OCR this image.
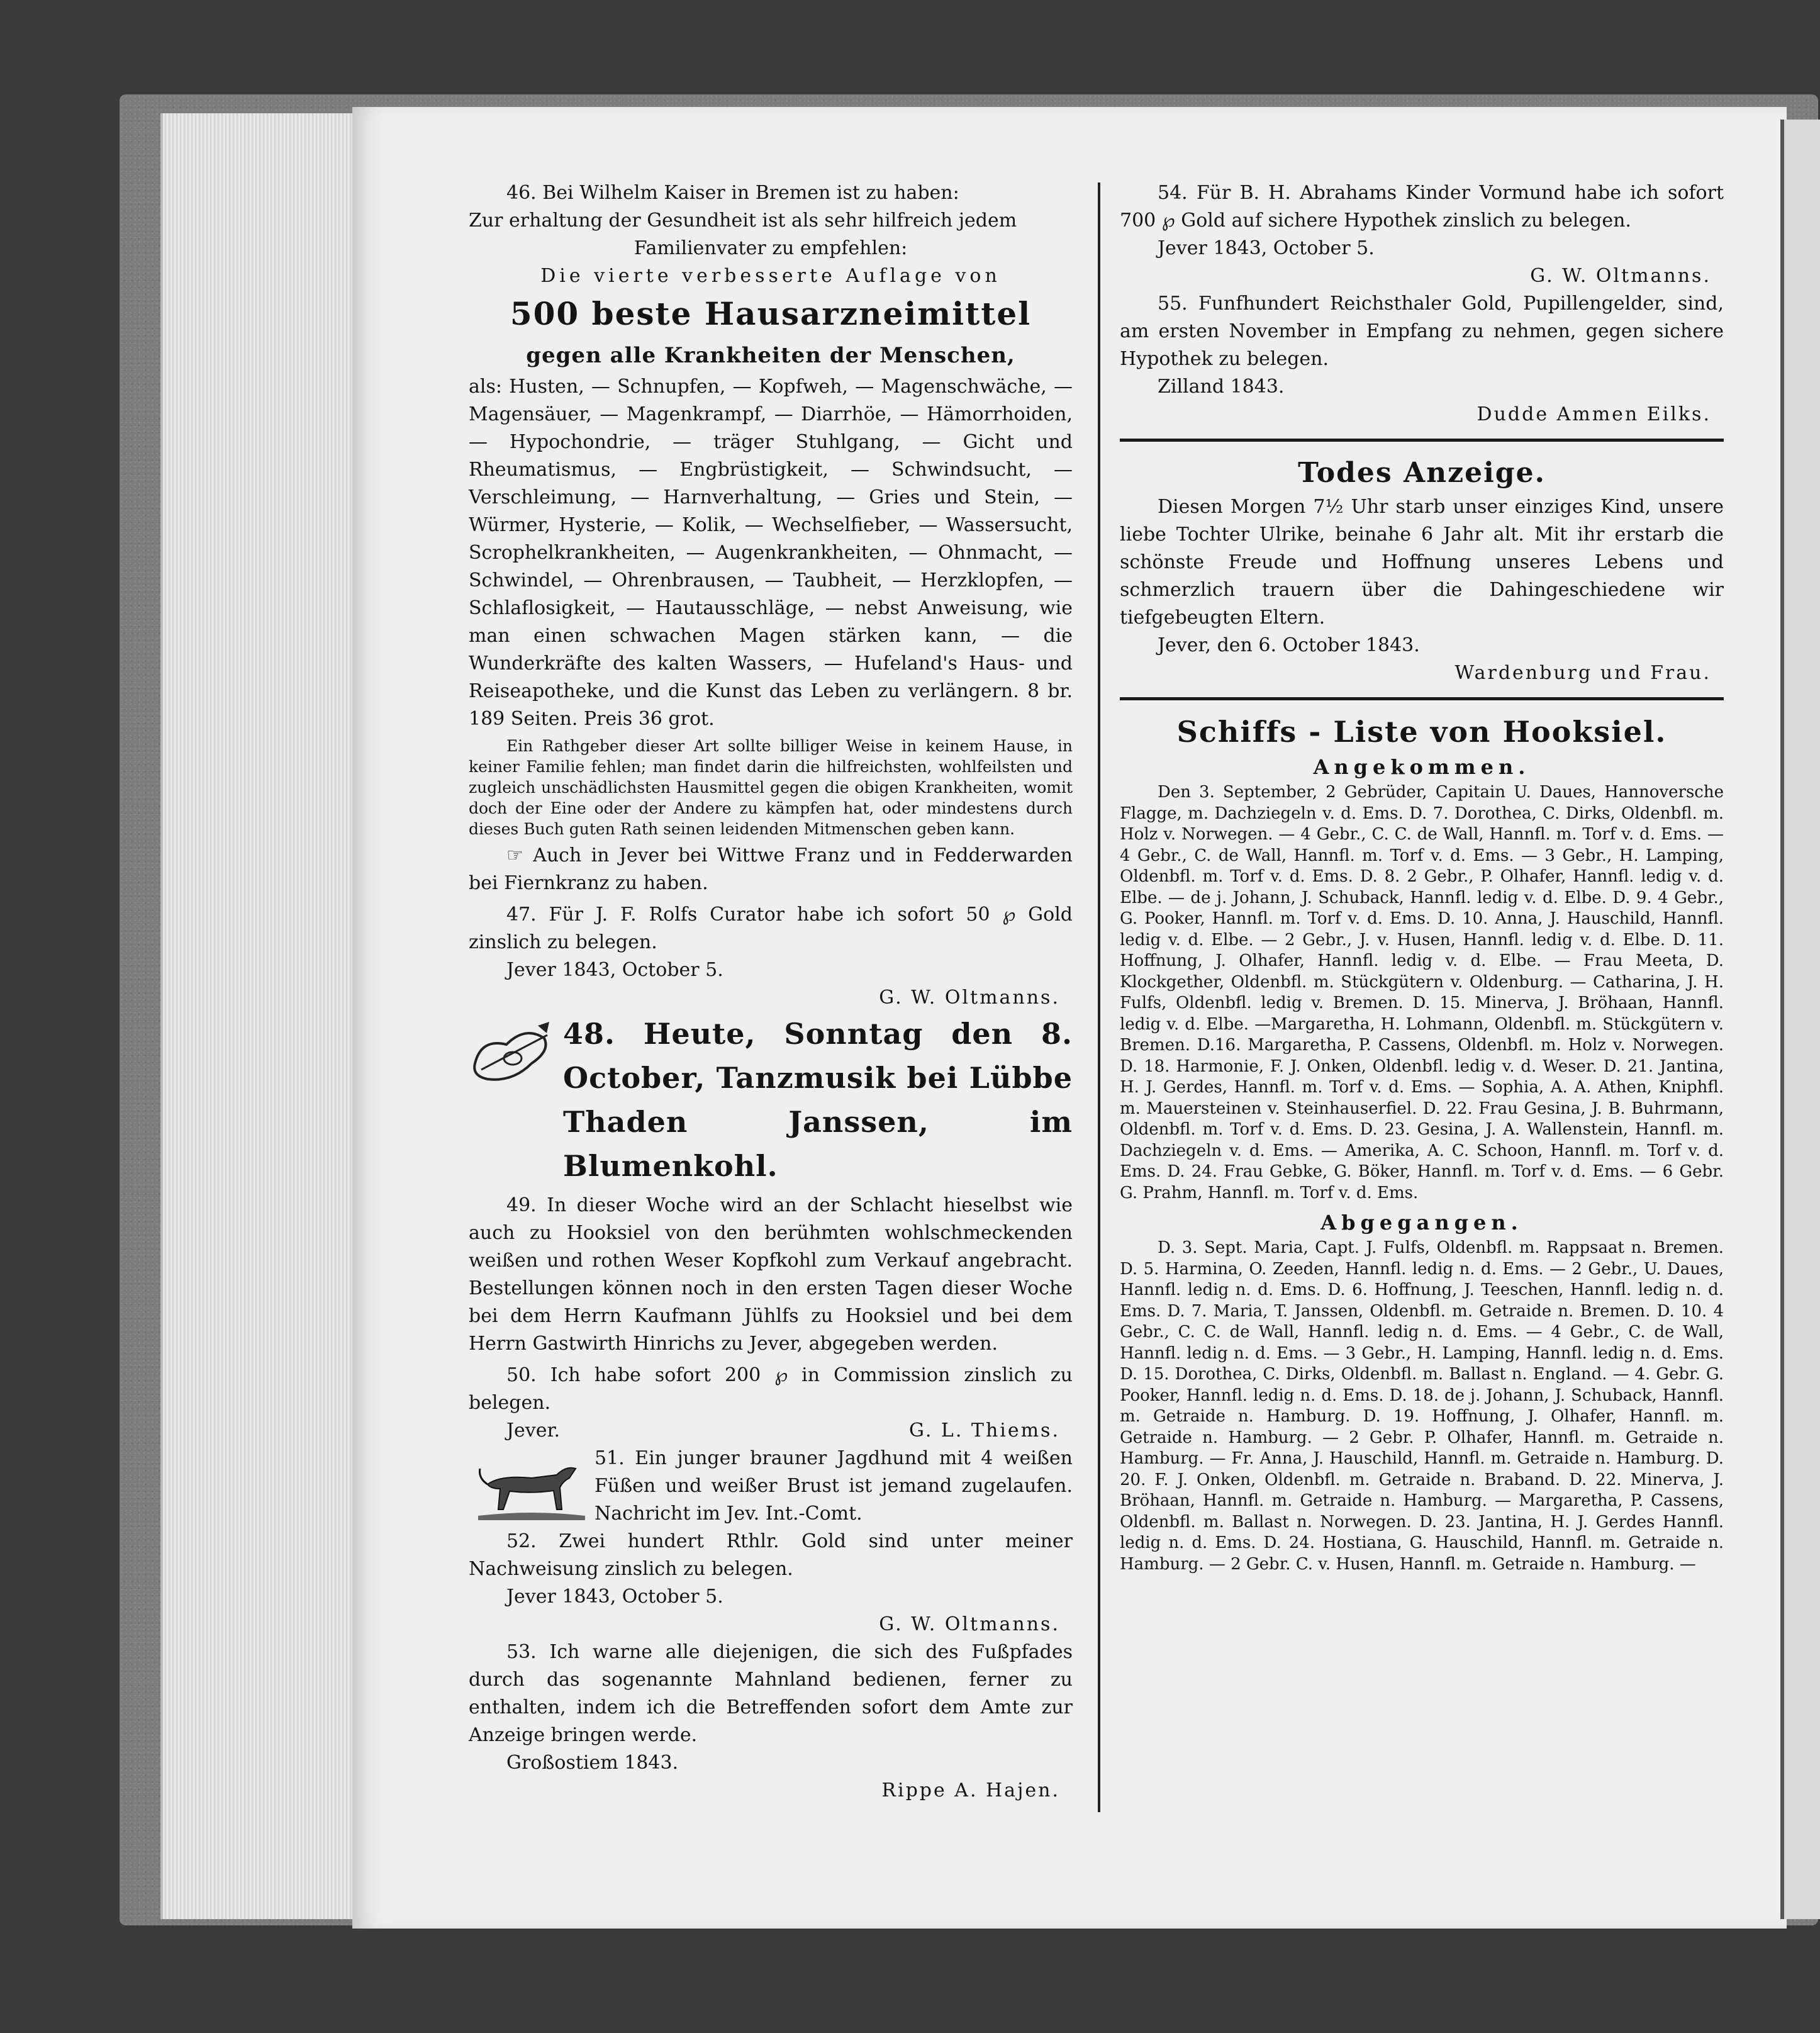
46. Bei Wilhelm Kaiser in Bremen ist zu haben:

Zur erhaltung der Gesundheit ist als sehr hilfreich jedem

Familienvater zu empfehlen:

Die vierte verbesserte Auflage von

500 beste Hausarzneimittel

gegen alle Krankheiten der Menschen,

als: Husten, — Schnupfen, — Kopfweh, — Magenschwäche, — Magensäuer, — Magenkrampf, — Diarrhöe, — Hämorrhoiden, — Hypochondrie, — träger Stuhlgang, — Gicht und Rheumatismus, — Engbrüstigkeit, — Schwindsucht, — Verschleimung, — Harnverhaltung, — Gries und Stein, — Würmer, Hysterie, — Kolik, — Wechselfieber, — Wassersucht, Scrophelkrankheiten, — Augenkrankheiten, — Ohnmacht, — Schwindel, — Ohrenbrausen, — Taubheit, — Herzklopfen, — Schlaflosigkeit, — Hautausschläge, — nebst Anweisung, wie man einen schwachen Magen stärken kann, — die Wunderkräfte des kalten Wassers, — Hufeland's Haus- und Reiseapotheke, und die Kunst das Leben zu verlängern. 8 br. 189 Seiten. Preis 36 grot.

Ein Rathgeber dieser Art sollte billiger Weise in keinem Hause, in keiner Familie fehlen; man findet darin die hilfreichsten, wohlfeilsten und zugleich unschädlichsten Hausmittel gegen die obigen Krankheiten, womit doch der Eine oder der Andere zu kämpfen hat, oder mindestens durch dieses Buch guten Rath seinen leidenden Mitmenschen geben kann.

☞ Auch in Jever bei Wittwe Franz und in Fedderwarden bei Fiernkranz zu haben.

47. Für J. F. Rolfs Curator habe ich sofort 50 ℘ Gold zinslich zu belegen.

Jever 1843, October 5.

G. W. Oltmanns.

48. Heute, Sonntag den 8. October, Tanzmusik bei Lübbe Thaden Janssen, im Blumenkohl.

49. In dieser Woche wird an der Schlacht hieselbst wie auch zu Hooksiel von den berühmten wohlschmeckenden weißen und rothen Weser Kopfkohl zum Verkauf angebracht. Bestellungen können noch in den ersten Tagen dieser Woche bei dem Herrn Kaufmann Jühlfs zu Hooksiel und bei dem Herrn Gastwirth Hinrichs zu Jever, abgegeben werden.

50. Ich habe sofort 200 ℘ in Commission zinslich zu belegen.

Jever.	G. L. Thiems.

51. Ein junger brauner Jagdhund mit 4 weißen Füßen und weißer Brust ist jemand zugelaufen. Nachricht im Jev. Int.-Comt.

52. Zwei hundert Rthlr. Gold sind unter meiner Nachweisung zinslich zu belegen.

Jever 1843, October 5.

G. W. Oltmanns.

53. Ich warne alle diejenigen, die sich des Fußpfades durch das sogenannte Mahnland bedienen, ferner zu enthalten, indem ich die Betreffenden sofort dem Amte zur Anzeige bringen werde.

Großostiem 1843.

Rippe A. Hajen.

54. Für B. H. Abrahams Kinder Vormund habe ich sofort 700 ℘ Gold auf sichere Hypothek zinslich zu belegen.

Jever 1843, October 5.

G. W. Oltmanns.

55. Funfhundert Reichsthaler Gold, Pupillengelder, sind, am ersten November in Empfang zu nehmen, gegen sichere Hypothek zu belegen.

Zilland 1843.

Dudde Ammen Eilks.

Todes Anzeige.

Diesen Morgen 7½ Uhr starb unser einziges Kind, unsere liebe Tochter Ulrike, beinahe 6 Jahr alt. Mit ihr erstarb die schönste Freude und Hoffnung unseres Lebens und schmerzlich trauern über die Dahingeschiedene wir tiefgebeugten Eltern.

Jever, den 6. October 1843.

Wardenburg und Frau.

Schiffs - Liste von Hooksiel.

Angekommen.

Den 3. September, 2 Gebrüder, Capitain U. Daues, Hannoversche Flagge, m. Dachziegeln v. d. Ems. D. 7. Dorothea, C. Dirks, Oldenbfl. m. Holz v. Norwegen. — 4 Gebr., C. C. de Wall, Hannfl. m. Torf v. d. Ems. — 4 Gebr., C. de Wall, Hannfl. m. Torf v. d. Ems. — 3 Gebr., H. Lamping, Oldenbfl. m. Torf v. d. Ems. D. 8. 2 Gebr., P. Olhafer, Hannfl. ledig v. d. Elbe. — de j. Johann, J. Schuback, Hannfl. ledig v. d. Elbe. D. 9. 4 Gebr., G. Pooker, Hannfl. m. Torf v. d. Ems. D. 10. Anna, J. Hauschild, Hannfl. ledig v. d. Elbe. — 2 Gebr., J. v. Husen, Hannfl. ledig v. d. Elbe. D. 11. Hoffnung, J. Olhafer, Hannfl. ledig v. d. Elbe. — Frau Meeta, D. Klockgether, Oldenbfl. m. Stückgütern v. Oldenburg. — Catharina, J. H. Fulfs, Oldenbfl. ledig v. Bremen. D. 15. Minerva, J. Bröhaan, Hannfl. ledig v. d. Elbe. —Margaretha, H. Lohmann, Oldenbfl. m. Stückgütern v. Bremen. D.16. Margaretha, P. Cassens, Oldenbfl. m. Holz v. Norwegen. D. 18. Harmonie, F. J. Onken, Oldenbfl. ledig v. d. Weser. D. 21. Jantina, H. J. Gerdes, Hannfl. m. Torf v. d. Ems. — Sophia, A. A. Athen, Kniphfl. m. Mauersteinen v. Steinhauserfiel. D. 22. Frau Gesina, J. B. Buhrmann, Oldenbfl. m. Torf v. d. Ems. D. 23. Gesina, J. A. Wallenstein, Hannfl. m. Dachziegeln v. d. Ems. — Amerika, A. C. Schoon, Hannfl. m. Torf v. d. Ems. D. 24. Frau Gebke, G. Böker, Hannfl. m. Torf v. d. Ems. — 6 Gebr. G. Prahm, Hannfl. m. Torf v. d. Ems.

Abgegangen.

D. 3. Sept. Maria, Capt. J. Fulfs, Oldenbfl. m. Rappsaat n. Bremen. D. 5. Harmina, O. Zeeden, Hannfl. ledig n. d. Ems. — 2 Gebr., U. Daues, Hannfl. ledig n. d. Ems. D. 6. Hoffnung, J. Teeschen, Hannfl. ledig n. d. Ems. D. 7. Maria, T. Janssen, Oldenbfl. m. Getraide n. Bremen. D. 10. 4 Gebr., C. C. de Wall, Hannfl. ledig n. d. Ems. — 4 Gebr., C. de Wall, Hannfl. ledig n. d. Ems. — 3 Gebr., H. Lamping, Hannfl. ledig n. d. Ems. D. 15. Dorothea, C. Dirks, Oldenbfl. m. Ballast n. England. — 4. Gebr. G. Pooker, Hannfl. ledig n. d. Ems. D. 18. de j. Johann, J. Schuback, Hannfl. m. Getraide n. Hamburg. D. 19. Hoffnung, J. Olhafer, Hannfl. m. Getraide n. Hamburg. — 2 Gebr. P. Olhafer, Hannfl. m. Getraide n. Hamburg. — Fr. Anna, J. Hauschild, Hannfl. m. Getraide n. Hamburg. D. 20. F. J. Onken, Oldenbfl. m. Getraide n. Braband. D. 22. Minerva, J. Bröhaan, Hannfl. m. Getraide n. Hamburg. — Margaretha, P. Cassens, Oldenbfl. m. Ballast n. Norwegen. D. 23. Jantina, H. J. Gerdes Hannfl. ledig n. d. Ems. D. 24. Hostiana, G. Hauschild, Hannfl. m. Getraide n. Hamburg. — 2 Gebr. C. v. Husen, Hannfl. m. Getraide n. Hamburg. —
